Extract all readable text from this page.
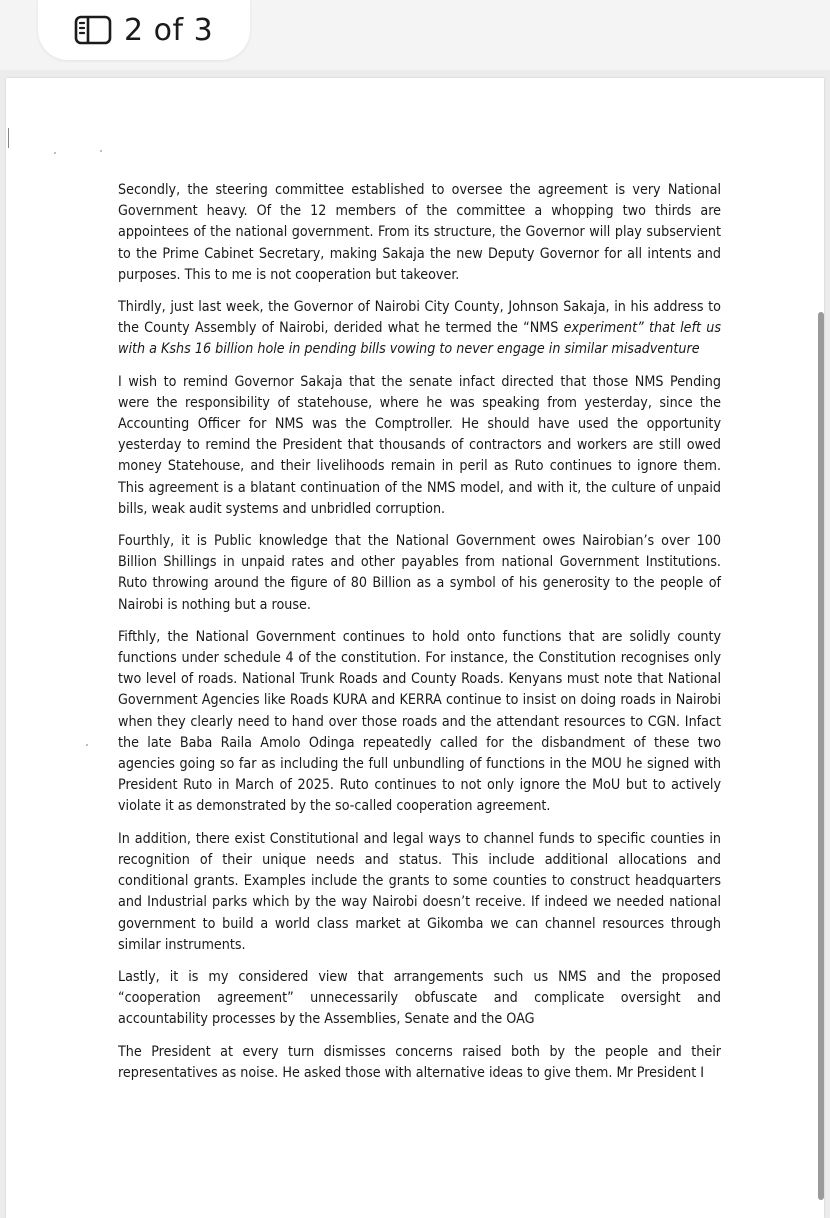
2 of 3

Secondly, the steering committee established to oversee the agreement is very National Government heavy. Of the 12 members of the committee a whopping two thirds are appointees of the national government. From its structure, the Governor will play subservient to the Prime Cabinet Secretary, making Sakaja the new Deputy Governor for all intents and purposes. This to me is not cooperation but takeover.

Thirdly, just last week, the Governor of Nairobi City County, Johnson Sakaja, in his address to the County Assembly of Nairobi, derided what he termed the “NMS experiment” that left us with a Kshs 16 billion hole in pending bills vowing to never engage in similar misadventure

I wish to remind Governor Sakaja that the senate infact directed that those NMS Pending were the responsibility of statehouse, where he was speaking from yesterday, since the Accounting Officer for NMS was the Comptroller. He should have used the opportunity yesterday to remind the President that thousands of contractors and workers are still owed money Statehouse, and their livelihoods remain in peril as Ruto continues to ignore them. This agreement is a blatant continuation of the NMS model, and with it, the culture of unpaid bills, weak audit systems and unbridled corruption.

Fourthly, it is Public knowledge that the National Government owes Nairobian’s over 100 Billion Shillings in unpaid rates and other payables from national Government Institutions. Ruto throwing around the figure of 80 Billion as a symbol of his generosity to the people of Nairobi is nothing but a rouse.

Fifthly, the National Government continues to hold onto functions that are solidly county functions under schedule 4 of the constitution. For instance, the Constitution recognises only two level of roads. National Trunk Roads and County Roads. Kenyans must note that National Government Agencies like Roads KURA and KERRA continue to insist on doing roads in Nairobi when they clearly need to hand over those roads and the attendant resources to CGN. Infact the late Baba Raila Amolo Odinga repeatedly called for the disbandment of these two agencies going so far as including the full unbundling of functions in the MOU he signed with President Ruto in March of 2025. Ruto continues to not only ignore the MoU but to actively violate it as demonstrated by the so-called cooperation agreement.

In addition, there exist Constitutional and legal ways to channel funds to specific counties in recognition of their unique needs and status. This include additional allocations and conditional grants. Examples include the grants to some counties to construct headquarters and Industrial parks which by the way Nairobi doesn’t receive. If indeed we needed national government to build a world class market at Gikomba we can channel resources through similar instruments.

Lastly, it is my considered view that arrangements such us NMS and the proposed “cooperation agreement” unnecessarily obfuscate and complicate oversight and accountability processes by the Assemblies, Senate and the OAG

The President at every turn dismisses concerns raised both by the people and their representatives as noise. He asked those with alternative ideas to give them. Mr President I
